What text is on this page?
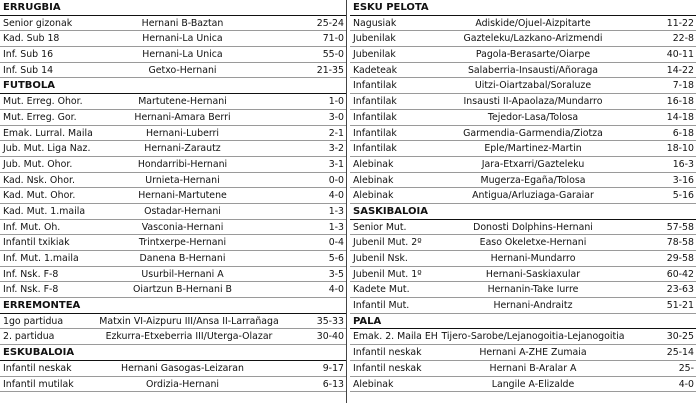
ERRUGBIA
Senior gizonak	Hernani B-Baztan	25-24
Kad. Sub 18	Hernani-La Unica	71-0
Inf. Sub 16	Hernani-La Unica	55-0
Inf. Sub 14	Getxo-Hernani	21-35
FUTBOLA
Mut. Erreg. Ohor.	Martutene-Hernani	1-0
Mut. Erreg. Gor.	Hernani-Amara Berri	3-0
Emak. Lurral. Maila	Hernani-Luberri	2-1
Jub. Mut. Liga Naz.	Hernani-Zarautz	3-2
Jub. Mut. Ohor.	Hondarribi-Hernani	3-1
Kad. Nsk. Ohor.	Urnieta-Hernani	0-0
Kad. Mut. Ohor.	Hernani-Martutene	4-0
Kad. Mut. 1.maila	Ostadar-Hernani	1-3
Inf. Mut. Oh.	Vasconia-Hernani	1-3
Infantil txikiak	Trintxerpe-Hernani	0-4
Inf. Mut. 1.maila	Danena B-Hernani	5-6
Inf. Nsk. F-8	Usurbil-Hernani A	3-5
Inf. Nsk. F-8	Oiartzun B-Hernani B	4-0
ERREMONTEA
1go partidua	Matxin VI-Aizpuru III/Ansa II-Larrañaga	35-33
2. partidua	Ezkurra-Etxeberria III/Uterga-Olazar	30-40
ESKUBALOIA
Infantil neskak	Hernani Gasogas-Leizaran	9-17
Infantil mutilak	Ordizia-Hernani	6-13
ESKU PELOTA
Nagusiak	Adiskide/Ojuel-Aizpitarte	11-22
Jubenilak	Gazteleku/Lazkano-Arizmendi	22-8
Jubenilak	Pagola-Berasarte/Oiarpe	40-11
Kadeteak	Salaberria-Insausti/Añoraga	14-22
Infantilak	Uitzi-Oiartzabal/Soraluze	7-18
Infantilak	Insausti II-Apaolaza/Mundarro	16-18
Infantilak	Tejedor-Lasa/Tolosa	14-18
Infantilak	Garmendia-Garmendia/Ziotza	6-18
Infantilak	Eple/Martinez-Martin	18-10
Alebinak	Jara-Etxarri/Gazteleku	16-3
Alebinak	Mugerza-Egaña/Tolosa	3-16
Alebinak	Antigua/Arluziaga-Garaiar	5-16
SASKIBALOIA
Senior Mut.	Donosti Dolphins-Hernani	57-58
Jubenil Mut. 2º	Easo Okeletxe-Hernani	78-58
Jubenil Nsk.	Hernani-Mundarro	29-58
Jubenil Mut. 1º	Hernani-Saskiaxular	60-42
Kadete Mut.	Hernanin-Take Iurre	23-63
Infantil Mut.	Hernani-Andraitz	51-21
PALA
Emak. 2. Maila EH Tijero-Sarobe/Lejanogoitia-Lejanogoitia	30-25
Infantil neskak	Hernani A-ZHE Zumaia	25-14
Infantil neskak	Hernani B-Aralar A	25-
Alebinak	Langile A-Elizalde	4-0
